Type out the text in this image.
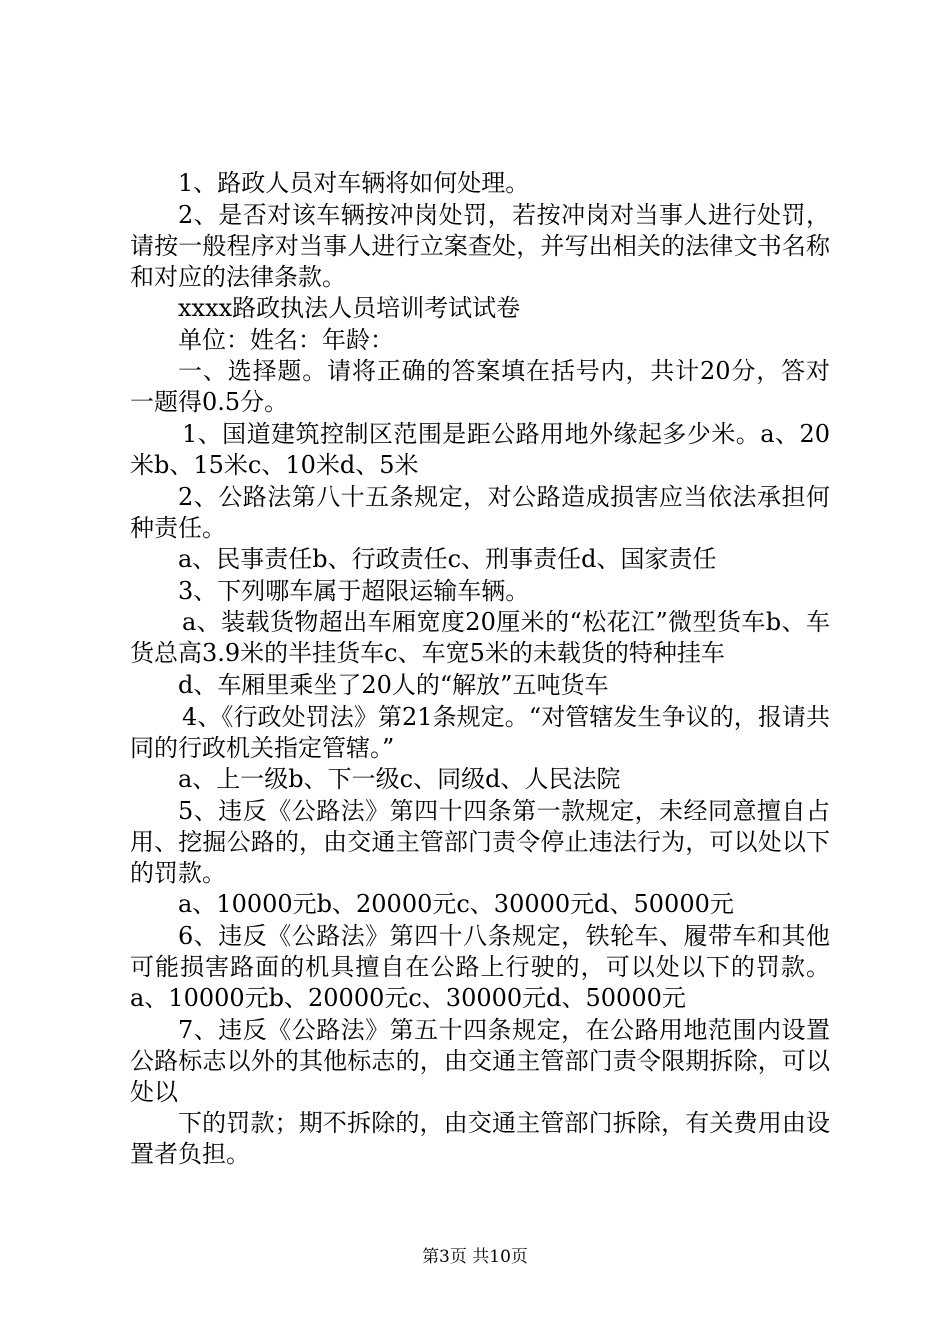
1、路政人员对车辆将如何处理。

2、是否对该车辆按冲岗处罚，若按冲岗对当事人进行处罚，请按一般程序对当事人进行立案查处，并写出相关的法律文书名称和对应的法律条款。

xxxx路政执法人员培训考试试卷

单位：姓名：年龄：

一、选择题。请将正确的答案填在括号内，共计20分，答对一题得0.5分。

1、国道建筑控制区范围是距公路用地外缘起多少米。a、20米b、15米c、10米d、5米

2、公路法第八十五条规定，对公路造成损害应当依法承担何种责任。

a、民事责任b、行政责任c、刑事责任d、国家责任

3、下列哪车属于超限运输车辆。

a、装载货物超出车厢宽度20厘米的“松花江”微型货车b、车货总高3.9米的半挂货车c、车宽5米的未载货的特种挂车

d、车厢里乘坐了20人的“解放”五吨货车

4、《行政处罚法》第21条规定。“对管辖发生争议的，报请共同的行政机关指定管辖。”

a、上一级b、下一级c、同级d、人民法院

5、违反《公路法》第四十四条第一款规定，未经同意擅自占用、挖掘公路的，由交通主管部门责令停止违法行为，可以处以下的罚款。

a、10000元b、20000元c、30000元d、50000元

6、违反《公路法》第四十八条规定，铁轮车、履带车和其他可能损害路面的机具擅自在公路上行驶的，可以处以下的罚款。a、10000元b、20000元c、30000元d、50000元

7、违反《公路法》第五十四条规定，在公路用地范围内设置公路标志以外的其他标志的，由交通主管部门责令限期拆除，可以处以

下的罚款；期不拆除的，由交通主管部门拆除，有关费用由设置者负担。

第3页 共10页
